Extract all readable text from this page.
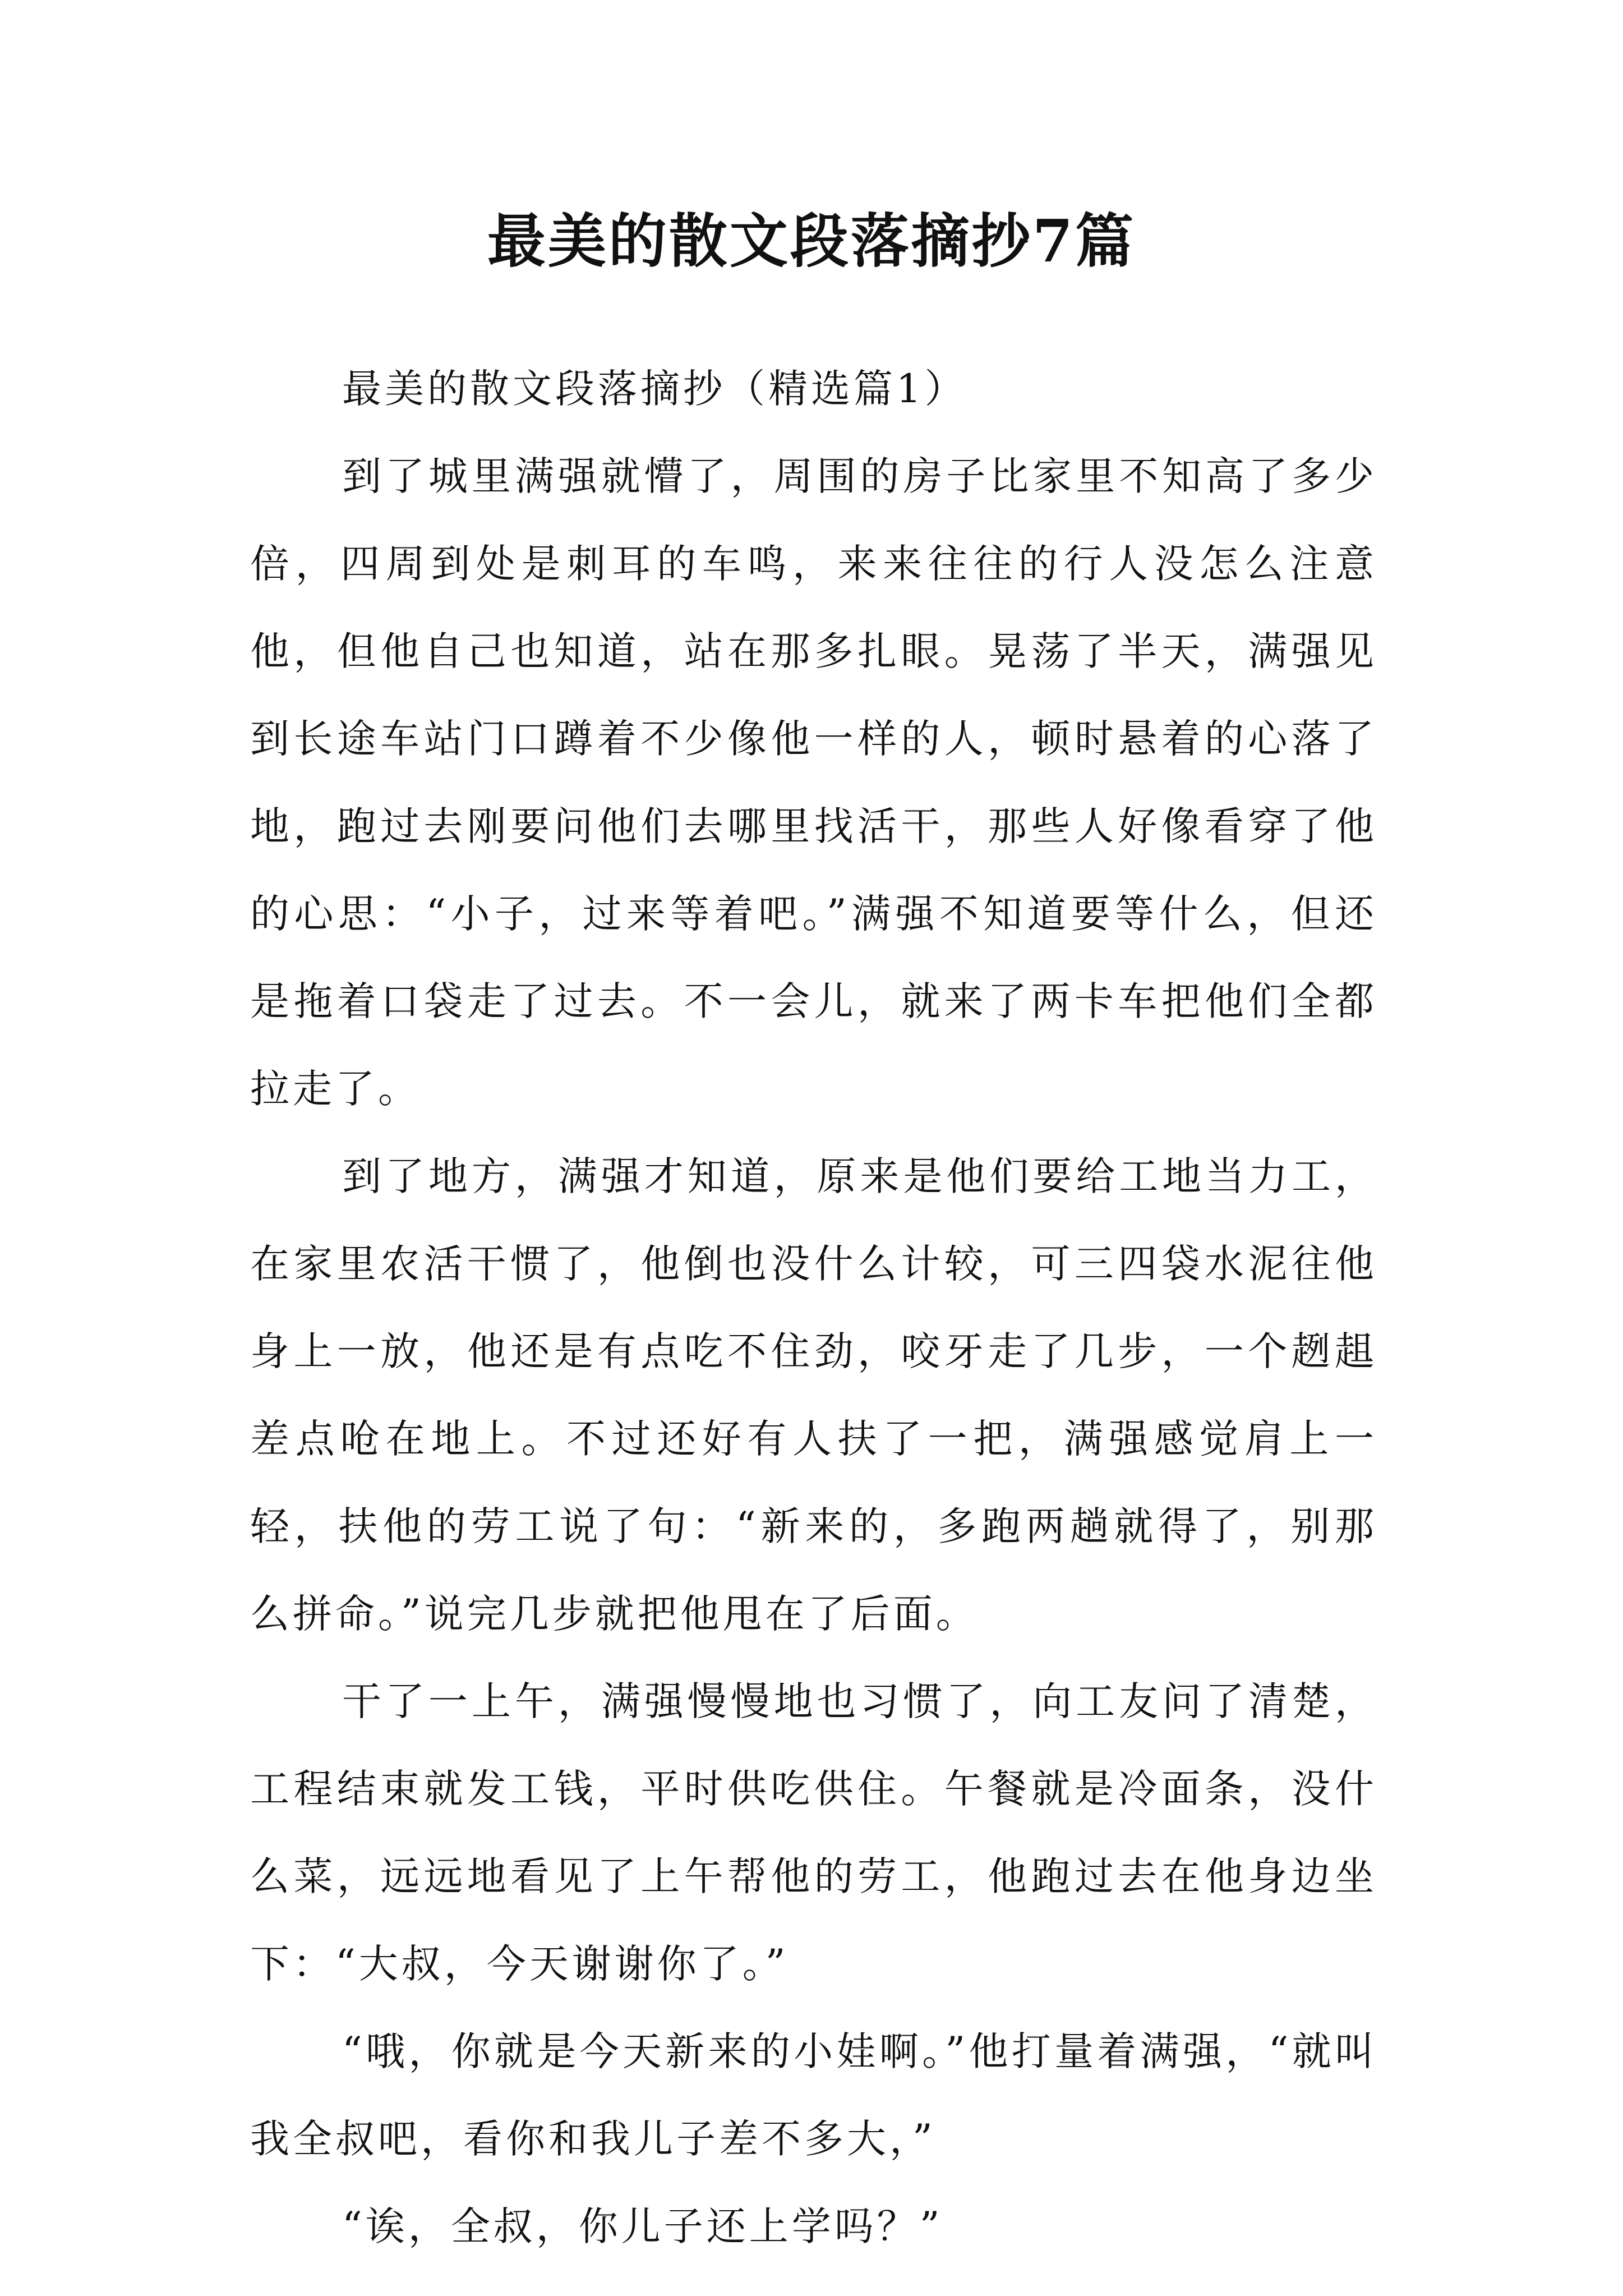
最美的散文段落摘抄7篇

最美的散文段落摘抄（精选篇1）

到了城里满强就懵了，周围的房子比家里不知高了多少倍，四周到处是刺耳的车鸣，来来往往的行人没怎么注意他，但他自己也知道，站在那多扎眼。晃荡了半天，满强见到长途车站门口蹲着不少像他一样的人，顿时悬着的心落了地，跑过去刚要问他们去哪里找活干，那些人好像看穿了他的心思：“小子，过来等着吧。”满强不知道要等什么，但还是拖着口袋走了过去。不一会儿，就来了两卡车把他们全都拉走了。

到了地方，满强才知道，原来是他们要给工地当力工，在家里农活干惯了，他倒也没什么计较，可三四袋水泥往他身上一放，他还是有点吃不住劲，咬牙走了几步，一个趔趄差点呛在地上。不过还好有人扶了一把，满强感觉肩上一轻，扶他的劳工说了句：“新来的，多跑两趟就得了，别那么拼命。”说完几步就把他甩在了后面。

干了一上午，满强慢慢地也习惯了，向工友问了清楚，工程结束就发工钱，平时供吃供住。午餐就是冷面条，没什么菜，远远地看见了上午帮他的劳工，他跑过去在他身边坐下：“大叔，今天谢谢你了。”

“哦，你就是今天新来的小娃啊。”他打量着满强，“就叫我全叔吧，看你和我儿子差不多大，”

“诶，全叔，你儿子还上学吗？”
